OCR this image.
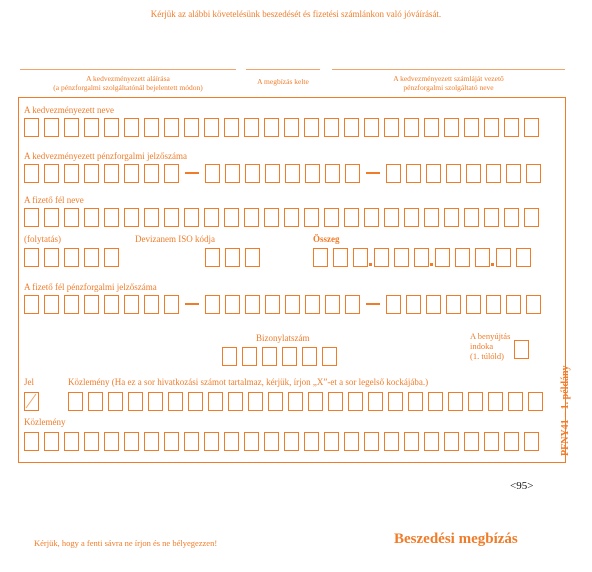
Kérjük az alábbi követelésünk beszedését és fizetési számlánkon való jóváírását.
A kedvezményezett aláírása
(a pénzforgalmi szolgáltatónál bejelentett módon)
A megbízás kelte	A kedvezményezett számláját vezető
pénzforgalmi szolgáltató neve
A kedvezményezett neve
A kedvezményezett pénzforgalmi jelzőszáma
A fizető fél neve
(folytatás)	Devizanem ISO kódja	Összeg
A fizető fél pénzforgalmi jelzőszáma
Bizonylatszám	A benyújtás
indoka
(1. túlóld)
PFNY41 – 1. példány
Jel	Közlemény (Ha ez a sor hivatkozási számot tartalmaz, kérjük, írjon „X”-et a sor legelső kockájába.)
Közlemény
<95>
Kérjük, hogy a fenti sávra ne írjon és ne bélyegezzen!	Beszedési megbízás
